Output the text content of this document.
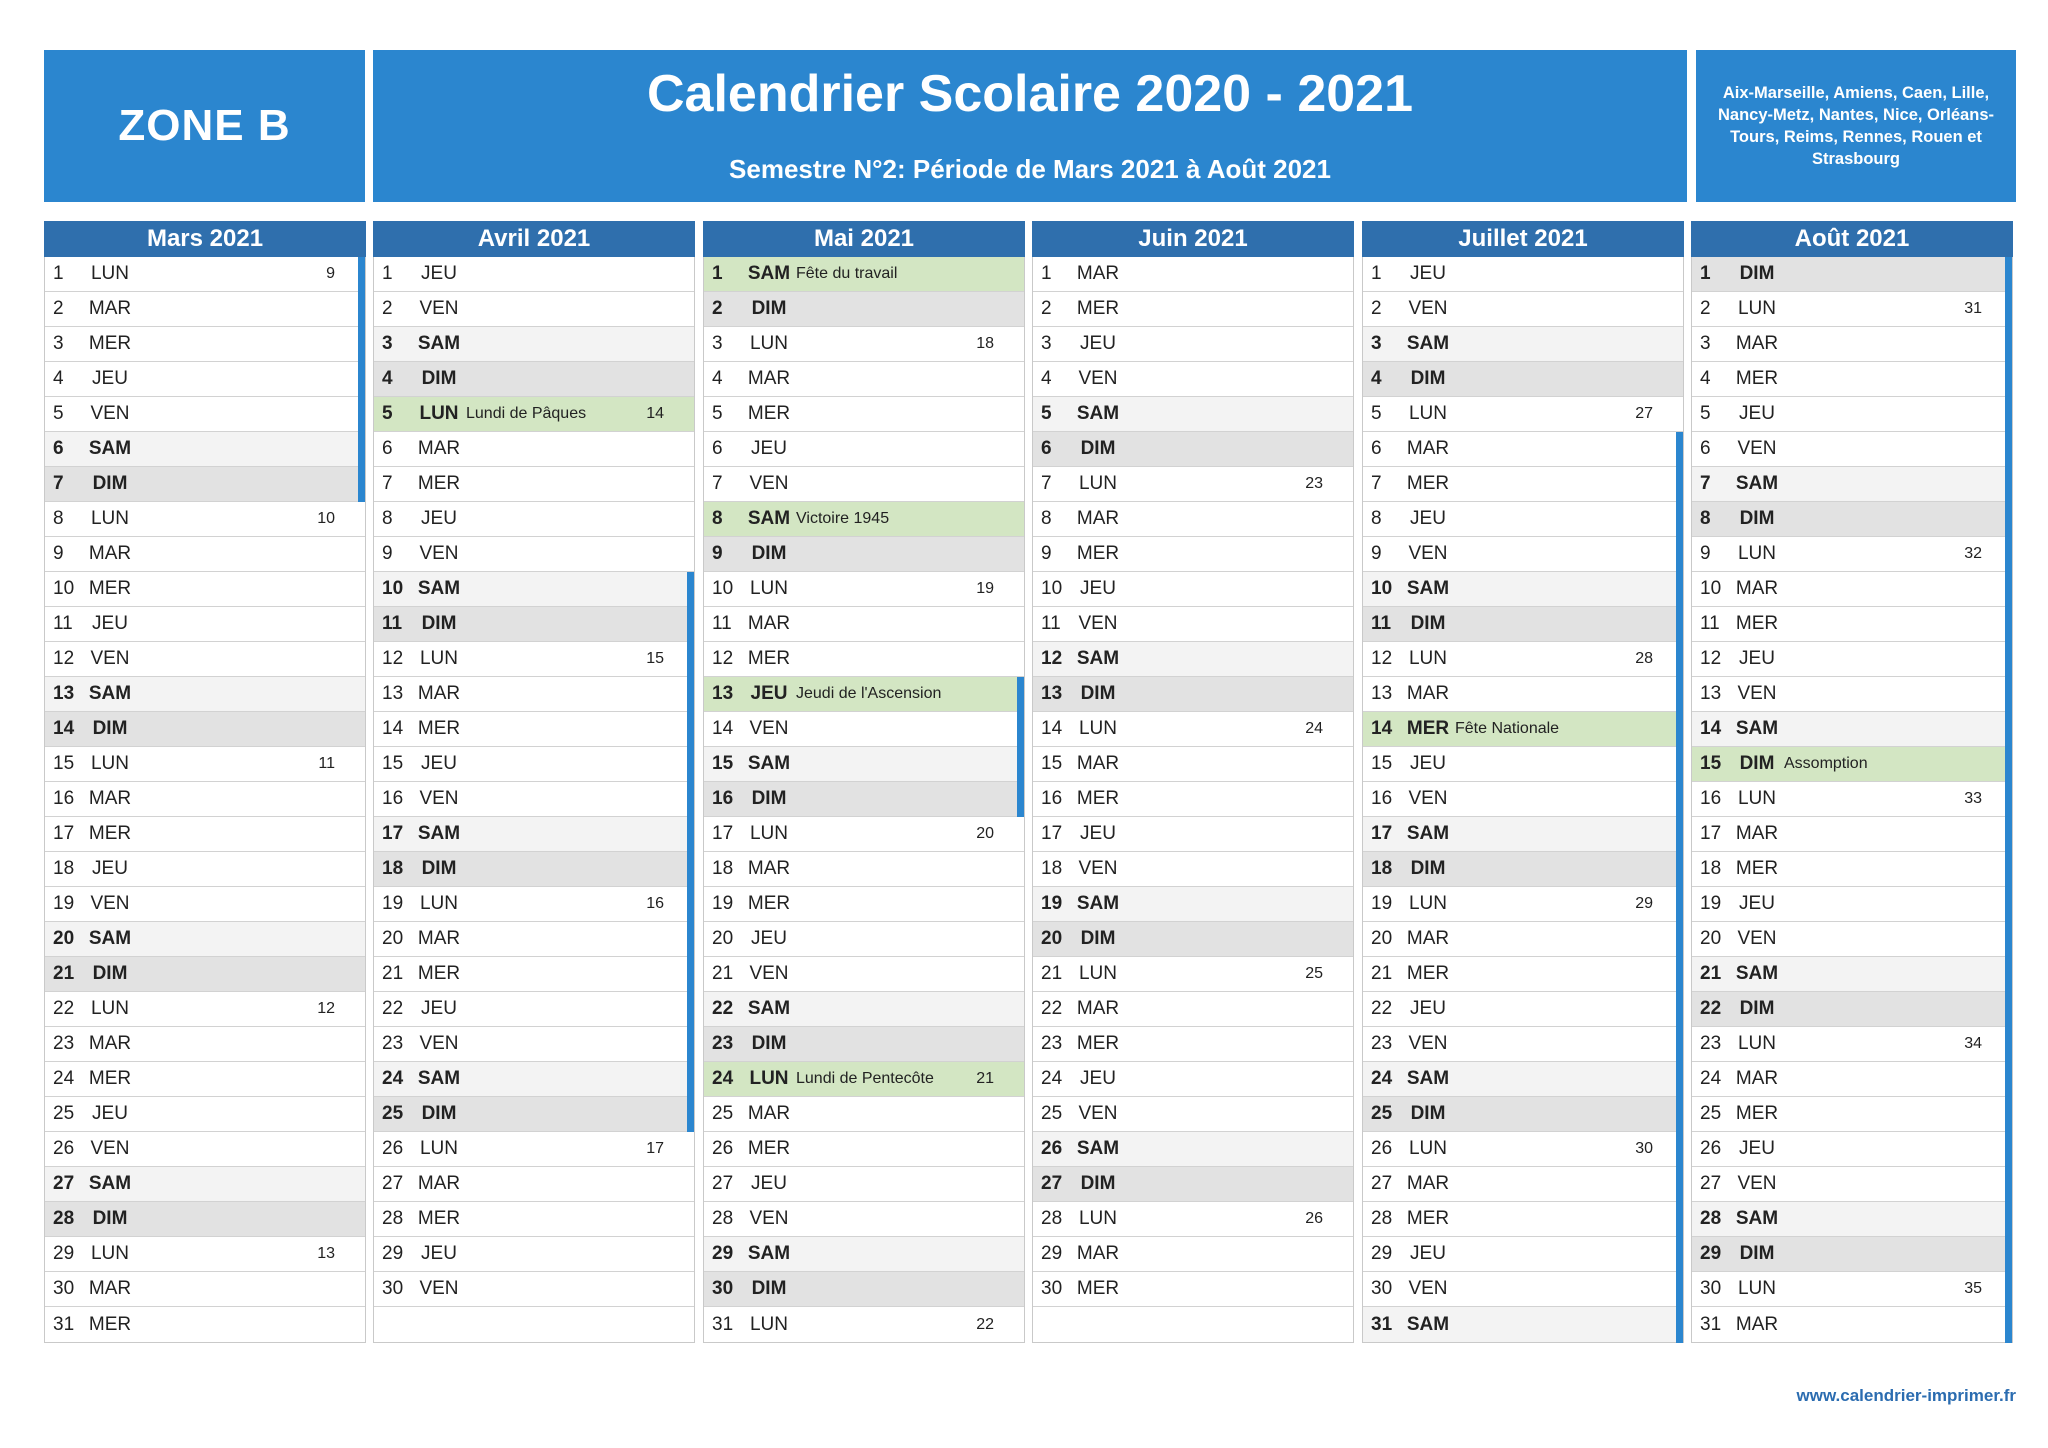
ZONE B
Calendrier Scolaire 2020 - 2021
Semestre N°2: Période de Mars 2021 à Août 2021
Aix-Marseille, Amiens, Caen, Lille, Nancy-Metz, Nantes, Nice, Orléans-Tours, Reims, Rennes, Rouen et Strasbourg
Mars 2021
1	LUN	9
2	MAR
3	MER
4	JEU
5	VEN
6	SAM
7	DIM
8	LUN	10
9	MAR
10 MER
11	JEU
12 VEN
13 SAM
14 DIM
15 LUN	11
16 MAR
17 MER
18 JEU
19 VEN
20 SAM
21 DIM
22 LUN	12
23 MAR
24 MER
25 JEU
26 VEN
27 SAM
28 DIM
29 LUN	13
30 MAR
31 MER
Avril 2021
1	JEU
2	VEN
3	SAM
4	DIM
5	LUN Lundi de Pâques	14
6	MAR
7	MER
8	JEU
9	VEN
10 SAM
11	DIM
12 LUN	15
13 MAR
14 MER
15 JEU
16 VEN
17 SAM
18 DIM
19 LUN	16
20 MAR
21 MER
22 JEU
23 VEN
24 SAM
25 DIM
26 LUN	17
27 MAR
28 MER
29 JEU
30 VEN
Mai 2021
1	SAM Fête du travail
2	DIM
3	LUN	18
4	MAR
5	MER
6	JEU
7	VEN
8	SAM Victoire 1945
9	DIM
10 LUN	19
11 MAR
12 MER
13 JEU Jeudi de l'Ascension
14 VEN
15 SAM
16 DIM
17 LUN	20
18 MAR
19 MER
20 JEU
21 VEN
22 SAM
23 DIM
24 LUN Lundi de Pentecôte	21
25 MAR
26 MER
27 JEU
28 VEN
29 SAM
30 DIM
31 LUN	22
Juin 2021
1	MAR
2	MER
3	JEU
4	VEN
5	SAM
6	DIM
7	LUN	23
8	MAR
9	MER
10 JEU
11 VEN
12 SAM
13 DIM
14 LUN	24
15 MAR
16 MER
17 JEU
18 VEN
19 SAM
20 DIM
21 LUN	25
22 MAR
23 MER
24 JEU
25 VEN
26 SAM
27 DIM
28 LUN	26
29 MAR
30 MER
Juillet 2021
1	JEU
2	VEN
3	SAM
4	DIM
5	LUN	27
6	MAR
7	MER
8	JEU
9	VEN
10 SAM
11	DIM
12 LUN	28
13 MAR
14 MER Fête Nationale
15 JEU
16 VEN
17 SAM
18 DIM
19 LUN	29
20 MAR
21 MER
22 JEU
23 VEN
24 SAM
25 DIM
26 LUN	30
27 MAR
28 MER
29 JEU
30 VEN
31 SAM
Août 2021
1	DIM
2	LUN	31
3	MAR
4	MER
5	JEU
6	VEN
7	SAM
8	DIM
9	LUN	32
10 MAR
11 MER
12 JEU
13 VEN
14 SAM
15 DIM Assomption
16 LUN	33
17 MAR
18 MER
19 JEU
20 VEN
21 SAM
22 DIM
23 LUN	34
24 MAR
25 MER
26 JEU
27 VEN
28 SAM
29 DIM
30 LUN	35
31 MAR
www.calendrier-imprimer.fr
